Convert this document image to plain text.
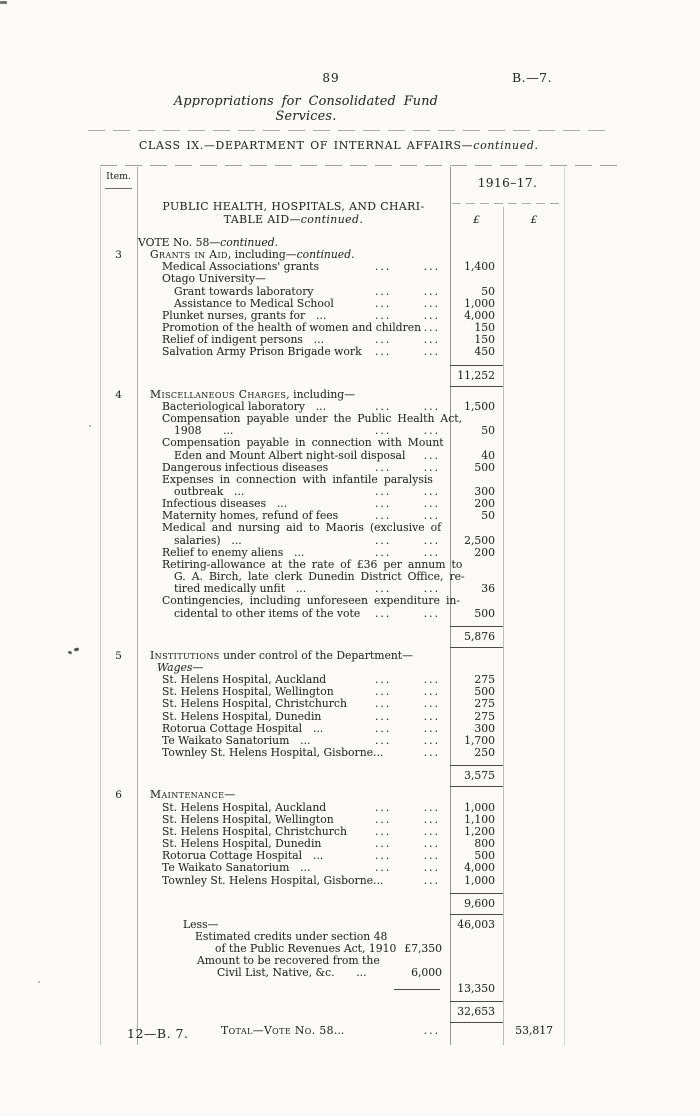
89	B.—7.
Appropriations for Consolidated Fund Services.
CLASS IX.—DEPARTMENT OF INTERNAL AFFAIRS—continued.
Item.	1916–17.
£	£
PUBLIC HEALTH, HOSPITALS, AND CHARI-
TABLE AID—continued.
VOTE No. 58—continued.
3	Grants in Aid, including—continued.
Medical Associations' grants	...	...	1,400
Otago University—
Grant towards laboratory	...	...	50
Assistance to Medical School	...	...	1,000
Plunket nurses, grants for ...	...	...	4,000
Promotion of the health of women and children ...	150
Relief of indigent persons ...	...	...	150
Salvation Army Prison Brigade work ...	...	450
11,252
4	Miscellaneous Charges, including—
Bacteriological laboratory ...	...	...	1,500
Compensation payable under the Public Health Act,
1908  ...	...	...	50
Compensation payable in connection with Mount
Eden and Mount Albert night-soil disposal ...	40
Dangerous infectious diseases	...	...	500
Expenses in connection with infantile paralysis
outbreak ...	...	...	300
Infectious diseases ...	...	...	200
Maternity homes, refund of fees	...	...	50
Medical and nursing aid to Maoris (exclusive of
salaries) ...	...	...	2,500
Relief to enemy aliens ...	...	...	200
Retiring-allowance at the rate of £36 per annum to
G. A. Birch, late clerk Dunedin District Office, re-
tired medically unfit ...	...	...	36
Contingencies, including unforeseen expenditure in-
cidental to other items of the vote ...	...	500
5,876
5	Institutions under control of the Department—
Wages—
St. Helens Hospital, Auckland	...	...	275
St. Helens Hospital, Wellington	...	...	500
St. Helens Hospital, Christchurch	...	...	275
St. Helens Hospital, Dunedin	...	...	275
Rotorua Cottage Hospital ...	...	...	300
Te Waikato Sanatorium ...	...	...	1,700
Townley St. Helens Hospital, Gisborne...	...	250
3,575
6	Maintenance—
St. Helens Hospital, Auckland	...	...	1,000
St. Helens Hospital, Wellington	...	...	1,100
St. Helens Hospital, Christchurch	...	...	1,200
St. Helens Hospital, Dunedin	...	...	800
Rotorua Cottage Hospital ...	...	...	500
Te Waikato Sanatorium ...	...	...	4,000
Townley St. Helens Hospital, Gisborne...	...	1,000
9,600
Less—	46,003
Estimated credits under section 48
of the Public Revenues Act, 1910 £7,350
Amount to be recovered from the
Civil List, Native, &c.  ...	6,000
13,350
32,653
Total—Vote No. 58...	...	53,817
12—B. 7.
